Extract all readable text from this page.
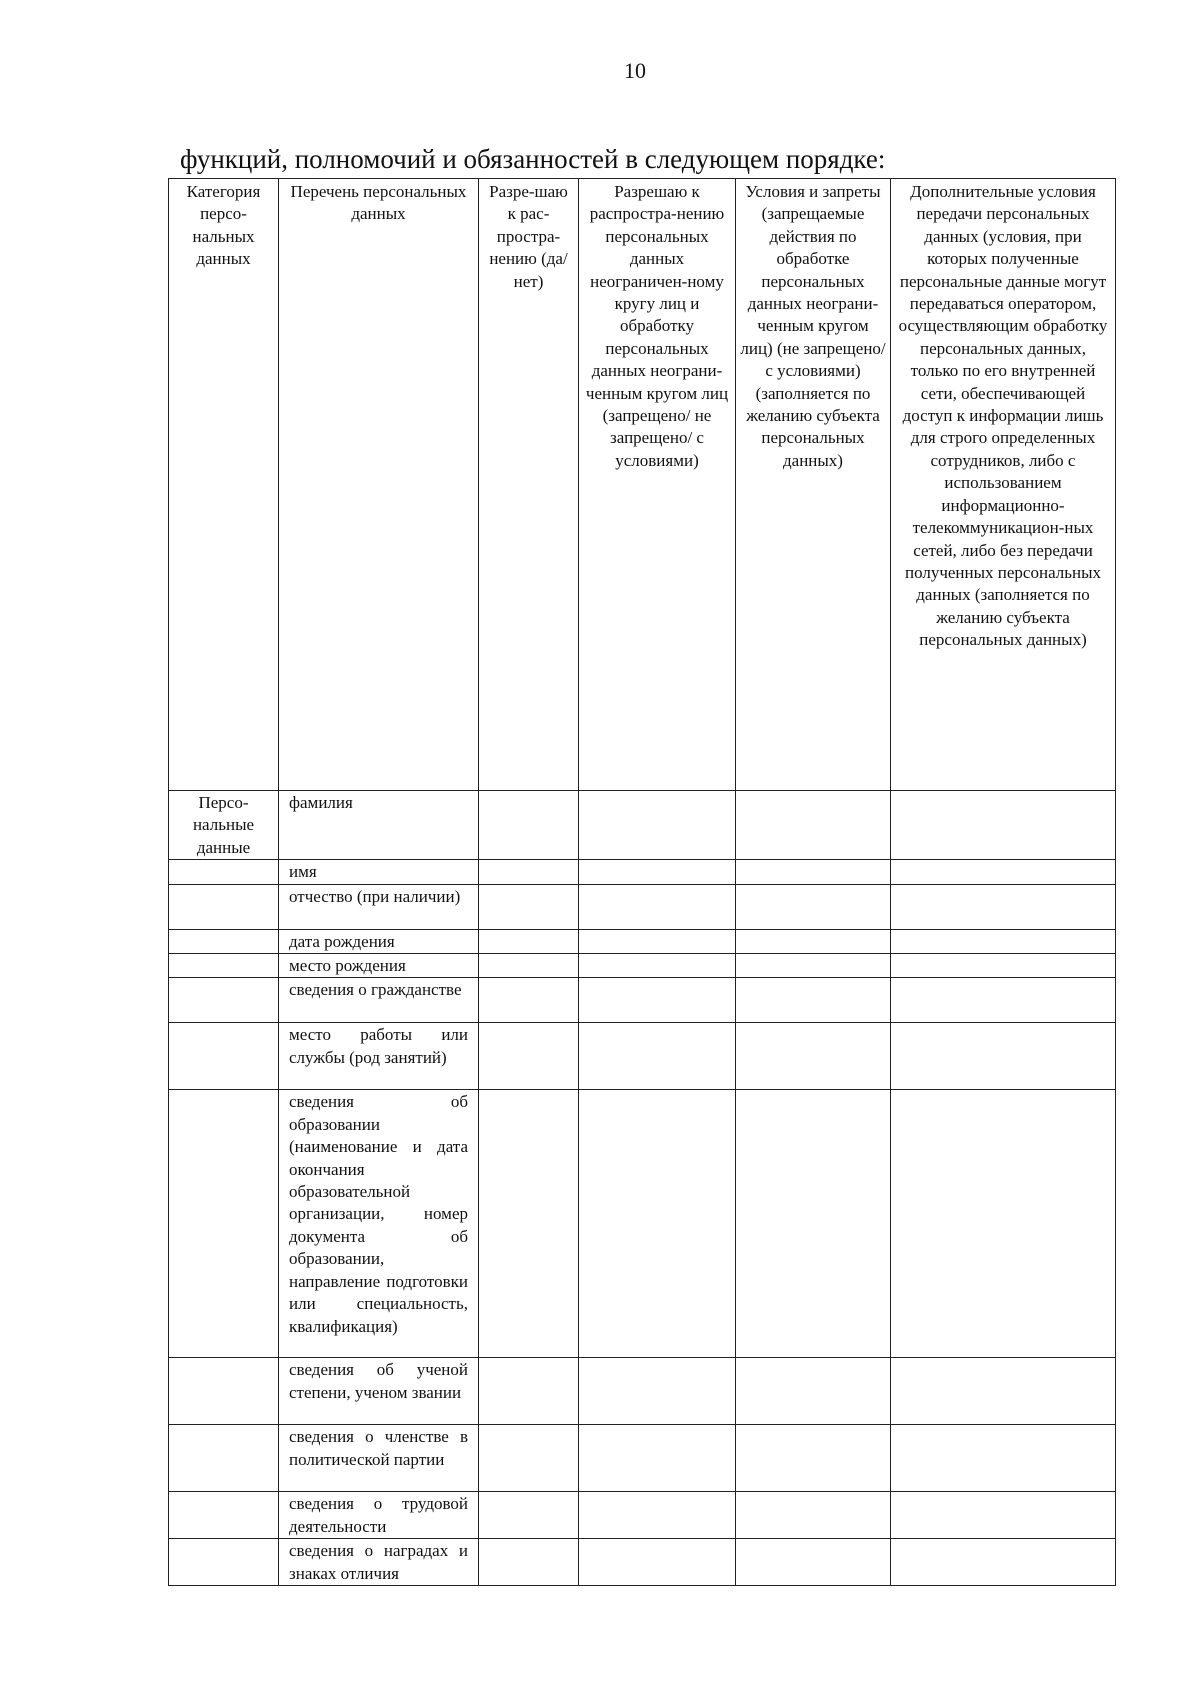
10
функций, полномочий и обязанностей в следующем порядке:
Категория персо-нальных данных	Перечень персональных данных	Разре-шаю к рас-простра-нению (да/нет)	Разрешаю к распростра-нению персональных данных неограничен-ному кругу лиц и обработку персональных данных неограни-ченным кругом лиц (запрещено/ не запрещено/ с условиями)	Условия и запреты (запрещаемые действия по обработке персональных данных неограни-ченным кругом лиц) (не запрещено/ с условиями) (заполняется по желанию субъекта персональных данных)	Дополнительные условия передачи персональных данных (условия, при которых полученные персональные данные могут передаваться оператором, осуществляющим обработку персональных данных, только по его внутренней сети, обеспечивающей доступ к информации лишь для строго определенных сотрудников, либо с использованием информационно-телекоммуникацион-ных сетей, либо без передачи полученных персональных данных (заполняется по желанию субъекта персональных данных)
Персо-нальные данные	фамилия				
	имя				
	отчество (при наличии)				
	дата рождения				
	место рождения				
	сведения о гражданстве				
	место работы или службы (род занятий)				
	сведения об образовании (наименование и дата окончания образовательной организации, номер документа об образовании, направление подготовки или специальность, квалификация)				
	сведения об ученой степени, ученом звании				
	сведения о членстве в политической партии				
	сведения о трудовой деятельности				
	сведения о наградах и знаках отличия				
